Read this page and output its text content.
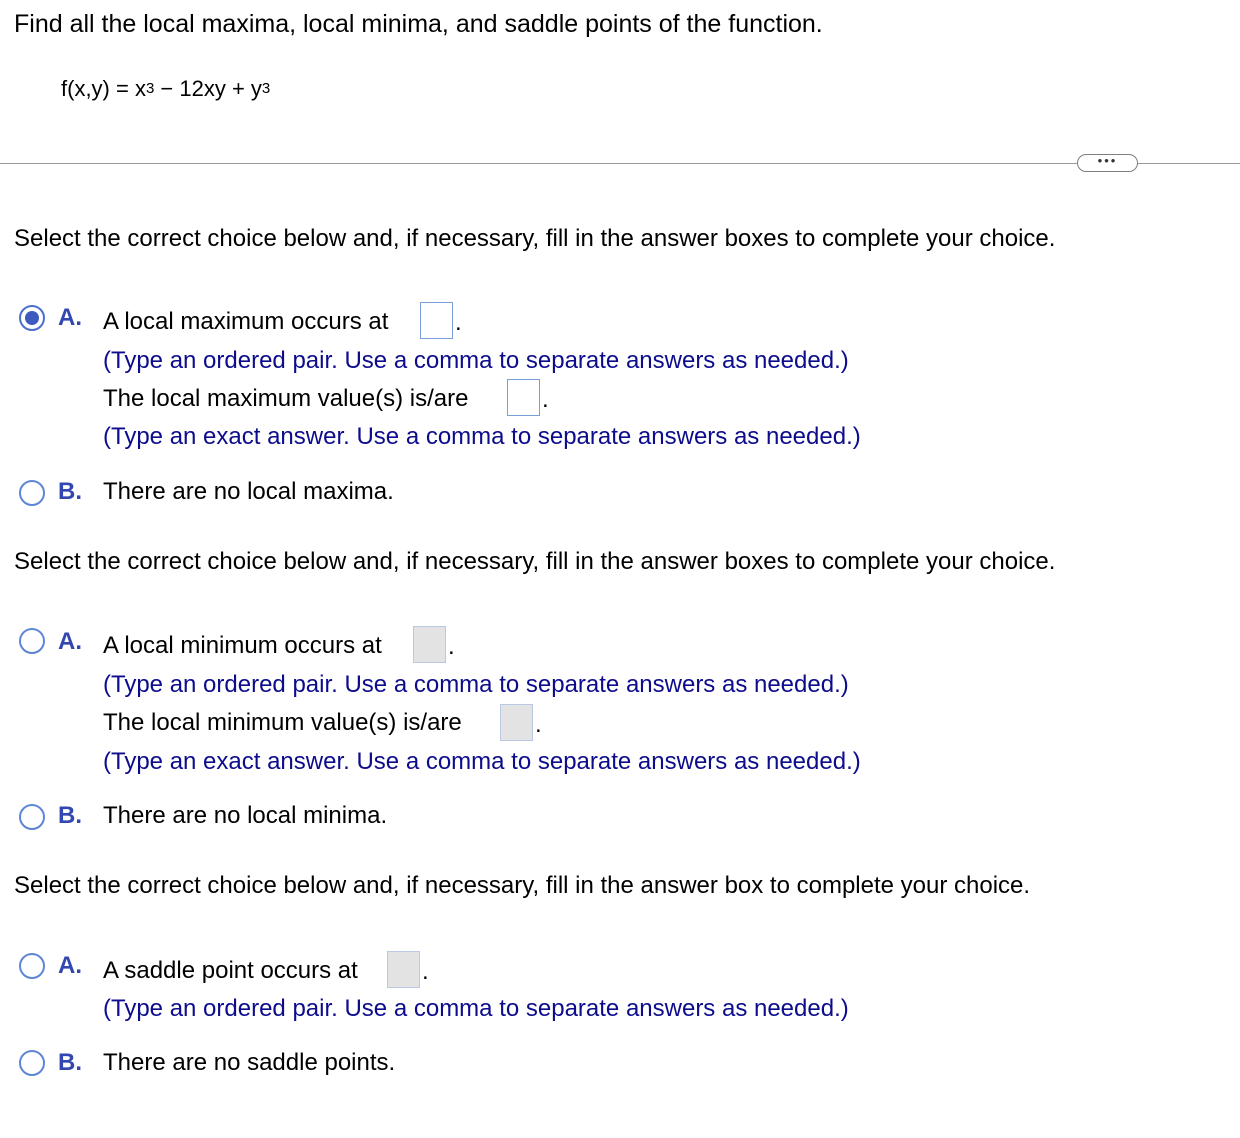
Find all the local maxima, local minima, and saddle points of the function.
$f(x,y) = x^3 - 12xy + y^3$
•••
Select the correct choice below and, if necessary, fill in the answer boxes to complete your choice.
A. A local maximum occurs at	.
(Type an ordered pair. Use a comma to separate answers as needed.)
The local maximum value(s) is/are	.
(Type an exact answer. Use a comma to separate answers as needed.)
B. There are no local maxima.
Select the correct choice below and, if necessary, fill in the answer boxes to complete your choice.
A. A local minimum occurs at	.
(Type an ordered pair. Use a comma to separate answers as needed.)
The local minimum value(s) is/are	.
(Type an exact answer. Use a comma to separate answers as needed.)
B. There are no local minima.
Select the correct choice below and, if necessary, fill in the answer box to complete your choice.
A. A saddle point occurs at	.
(Type an ordered pair. Use a comma to separate answers as needed.)
B. There are no saddle points.
